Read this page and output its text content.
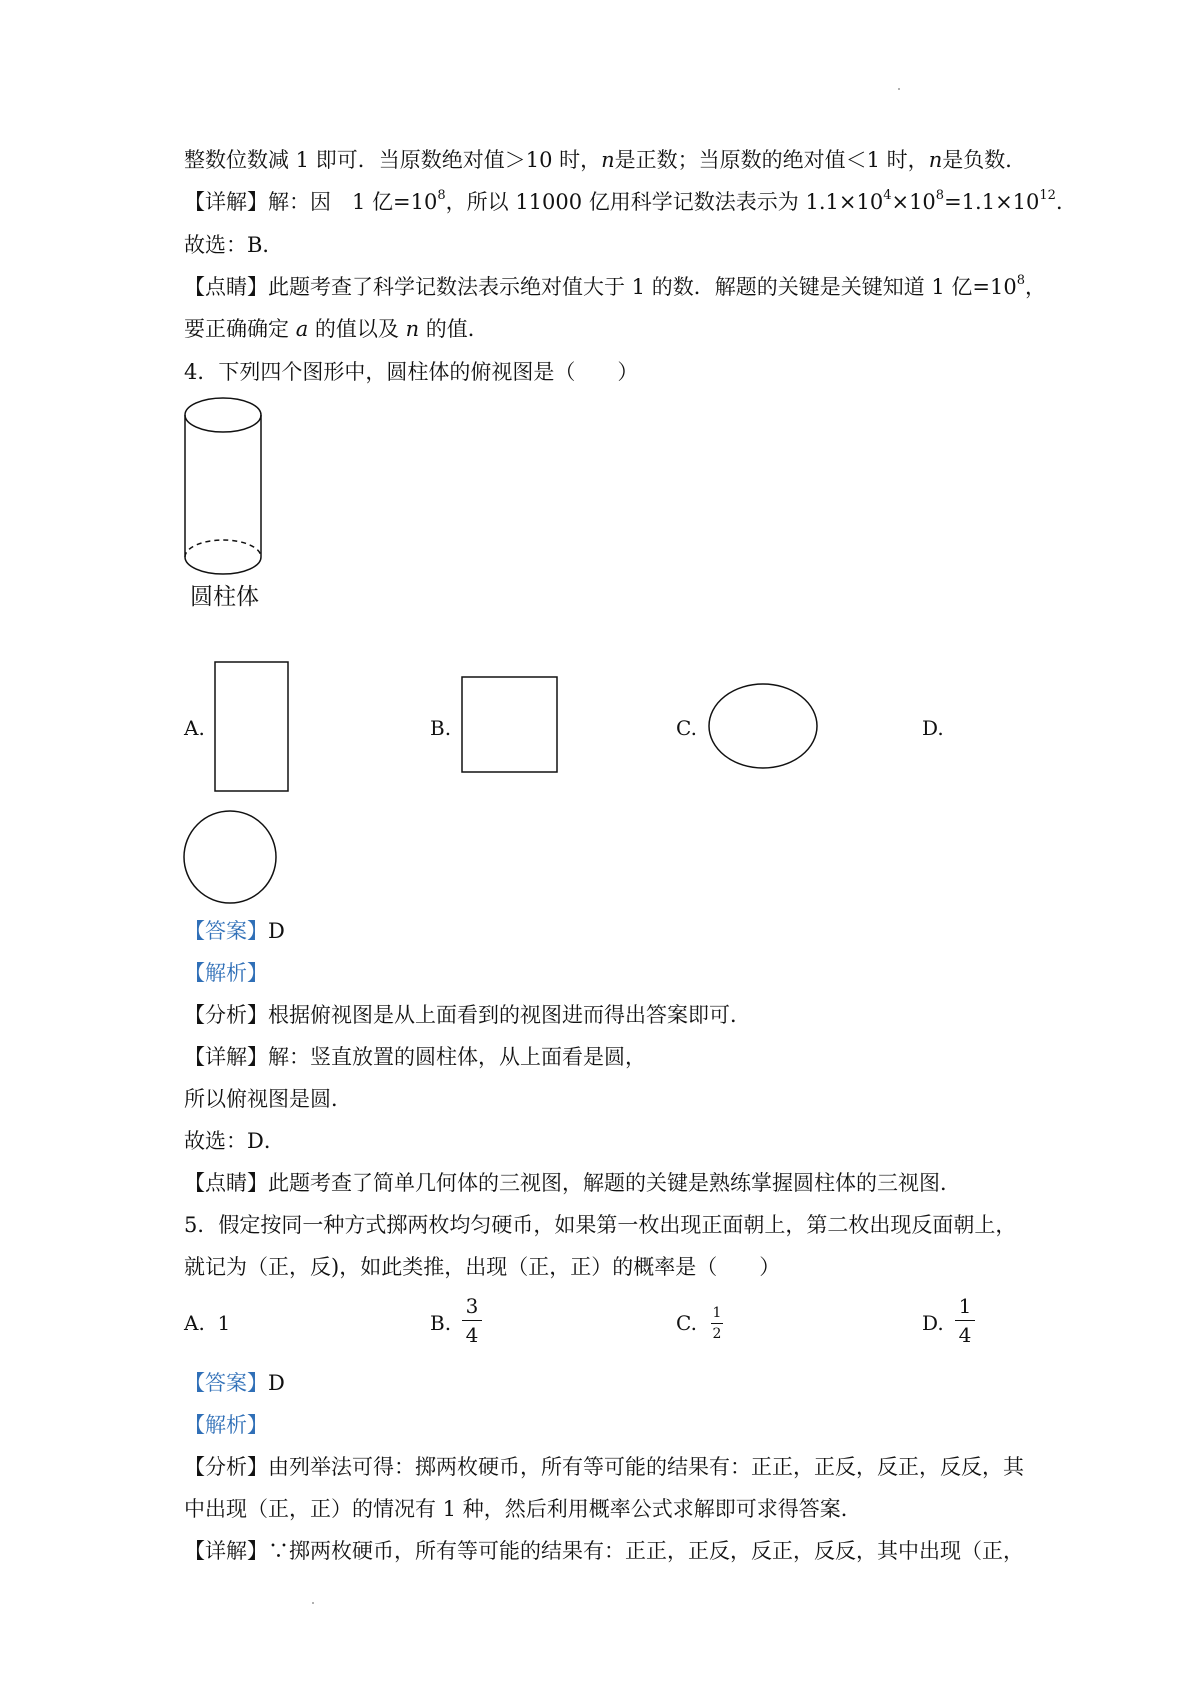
整数位数减 1 即可．当原数绝对值＞10 时，n是正数；当原数的绝对值＜1 时，n是负数．
【详解】解：因　1 亿$=10^8$，所以 11000 亿用科学记数法表示为 $1.1\times 10^4\times 10^8=1.1\times 10^{12}$．
故选：B．
【点睛】此题考查了科学记数法表示绝对值大于 1 的数．解题的关键是关键知道 1 亿$=10^8$，
要正确确定 a 的值以及 n 的值．
4．下列四个图形中，圆柱体的俯视图是（　　）
圆柱体
A.	B.	C.	D.
【答案】D
【解析】
【分析】根据俯视图是从上面看到的视图进而得出答案即可．
【详解】解：竖直放置的圆柱体，从上面看是圆，
所以俯视图是圆．
故选：D．
【点睛】此题考查了简单几何体的三视图，解题的关键是熟练掌握圆柱体的三视图．
5．假定按同一种方式掷两枚均匀硬币，如果第一枚出现正面朝上，第二枚出现反面朝上，
就记为（正，反)，如此类推，出现（正，正）的概率是（　　）
A. 1	B.
3
4	C. 1
2	D.
1
4
【答案】D
【解析】
【分析】由列举法可得：掷两枚硬币，所有等可能的结果有：正正，正反，反正，反反，其
中出现（正，正）的情况有 1 种，然后利用概率公式求解即可求得答案．
【详解】∵掷两枚硬币，所有等可能的结果有：正正，正反，反正，反反，其中出现（正，
